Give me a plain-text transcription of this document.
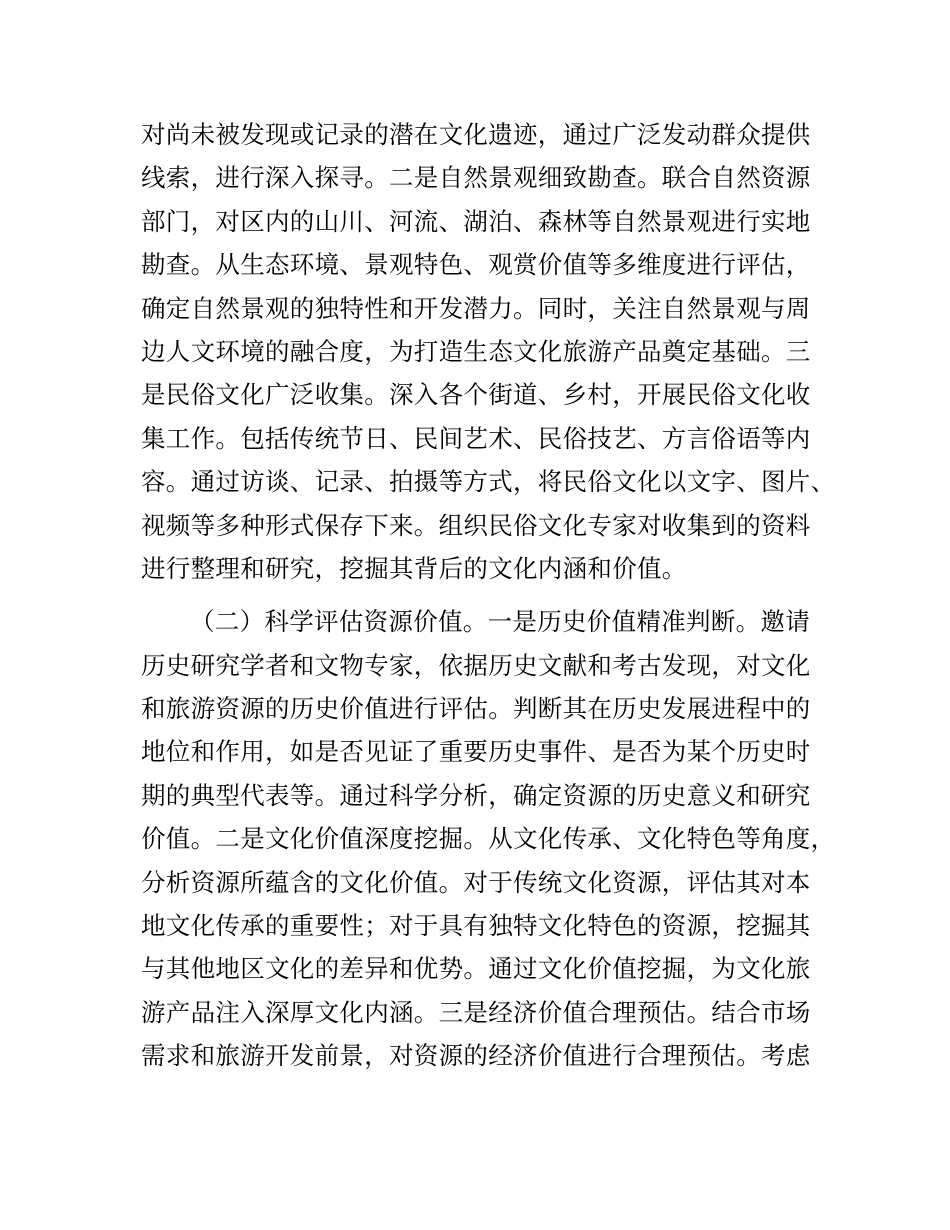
对尚未被发现或记录的潜在文化遗迹，通过广泛发动群众提供
线索，进行深入探寻。二是自然景观细致勘查。联合自然资源
部门，对区内的山川、河流、湖泊、森林等自然景观进行实地
勘查。从生态环境、景观特色、观赏价值等多维度进行评估，
确定自然景观的独特性和开发潜力。同时，关注自然景观与周
边人文环境的融合度，为打造生态文化旅游产品奠定基础。三
是民俗文化广泛收集。深入各个街道、乡村，开展民俗文化收
集工作。包括传统节日、民间艺术、民俗技艺、方言俗语等内
容。通过访谈、记录、拍摄等方式，将民俗文化以文字、图片、
视频等多种形式保存下来。组织民俗文化专家对收集到的资料
进行整理和研究，挖掘其背后的文化内涵和价值。
（二）科学评估资源价值。一是历史价值精准判断。邀请
历史研究学者和文物专家，依据历史文献和考古发现，对文化
和旅游资源的历史价值进行评估。判断其在历史发展进程中的
地位和作用，如是否见证了重要历史事件、是否为某个历史时
期的典型代表等。通过科学分析，确定资源的历史意义和研究
价值。二是文化价值深度挖掘。从文化传承、文化特色等角度，
分析资源所蕴含的文化价值。对于传统文化资源，评估其对本
地文化传承的重要性；对于具有独特文化特色的资源，挖掘其
与其他地区文化的差异和优势。通过文化价值挖掘，为文化旅
游产品注入深厚文化内涵。三是经济价值合理预估。结合市场
需求和旅游开发前景，对资源的经济价值进行合理预估。考虑
